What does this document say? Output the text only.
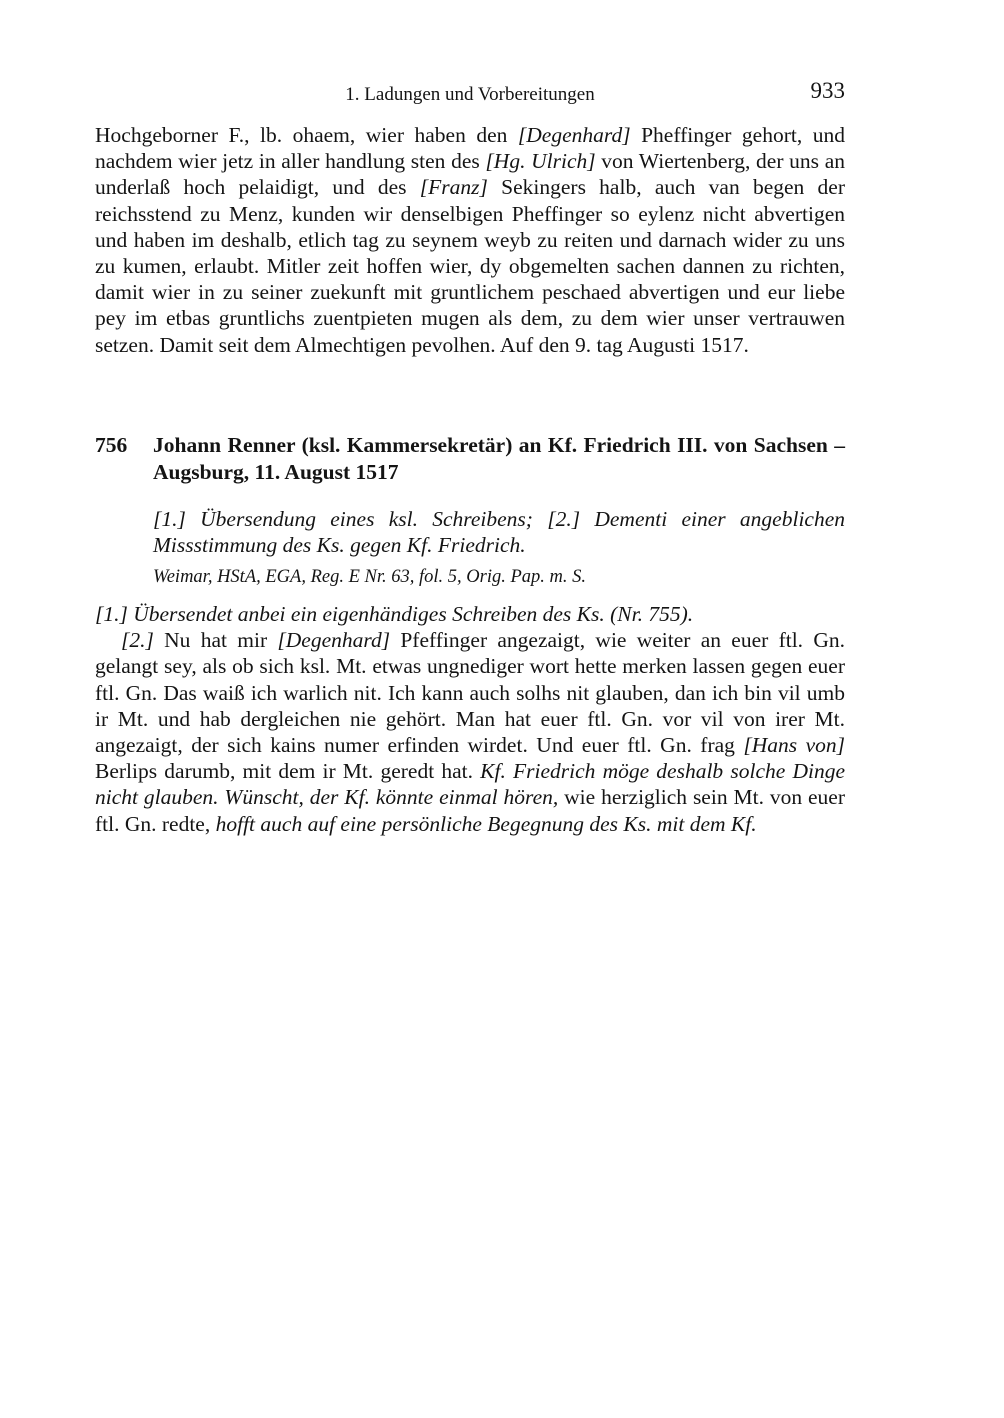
1. Ladungen und Vorbereitungen	933

Hochgeborner F., lb. ohaem, wier haben den [Degenhard] Pheffinger gehort, und nachdem wier jetz in aller handlung sten des [Hg. Ulrich] von Wiertenberg, der uns an underlaß hoch pelaidigt, und des [Franz] Sekingers halb, auch van begen der reichsstend zu Menz, kunden wir denselbigen Pheffinger so eylenz nicht abvertigen und haben im deshalb, etlich tag zu seynem weyb zu reiten und darnach wider zu uns zu kumen, erlaubt. Mitler zeit hoffen wier, dy obgemelten sachen dannen zu richten, damit wier in zu seiner zuekunft mit gruntlichem peschaed abvertigen und eur liebe pey im etbas gruntlichs zuentpieten mugen als dem, zu dem wier unser vertrauwen setzen. Damit seit dem Almechtigen pevolhen. Auf den 9. tag Augusti 1517.

756 Johann Renner (ksl. Kammersekretär) an Kf. Friedrich III. von Sachsen – Augsburg, 11. August 1517
[1.] Übersendung eines ksl. Schreibens; [2.] Dementi einer angeblichen Missstimmung des Ks. gegen Kf. Friedrich.
Weimar, HStA, EGA, Reg. E Nr. 63, fol. 5, Orig. Pap. m. S.

[1.] Übersendet anbei ein eigenhändiges Schreiben des Ks. (Nr. 755).

[2.] Nu hat mir [Degenhard] Pfeffinger angezaigt, wie weiter an euer ftl. Gn. gelangt sey, als ob sich ksl. Mt. etwas ungnediger wort hette merken lassen gegen euer ftl. Gn. Das waiß ich warlich nit. Ich kann auch solhs nit glauben, dan ich bin vil umb ir Mt. und hab dergleichen nie gehört. Man hat euer ftl. Gn. vor vil von irer Mt. angezaigt, der sich kains numer erfinden wirdet. Und euer ftl. Gn. frag [Hans von] Berlips darumb, mit dem ir Mt. geredt hat. Kf. Friedrich möge deshalb solche Dinge nicht glauben. Wünscht, der Kf. könnte einmal hören, wie herziglich sein Mt. von euer ftl. Gn. redte, hofft auch auf eine persönliche Begegnung des Ks. mit dem Kf.
